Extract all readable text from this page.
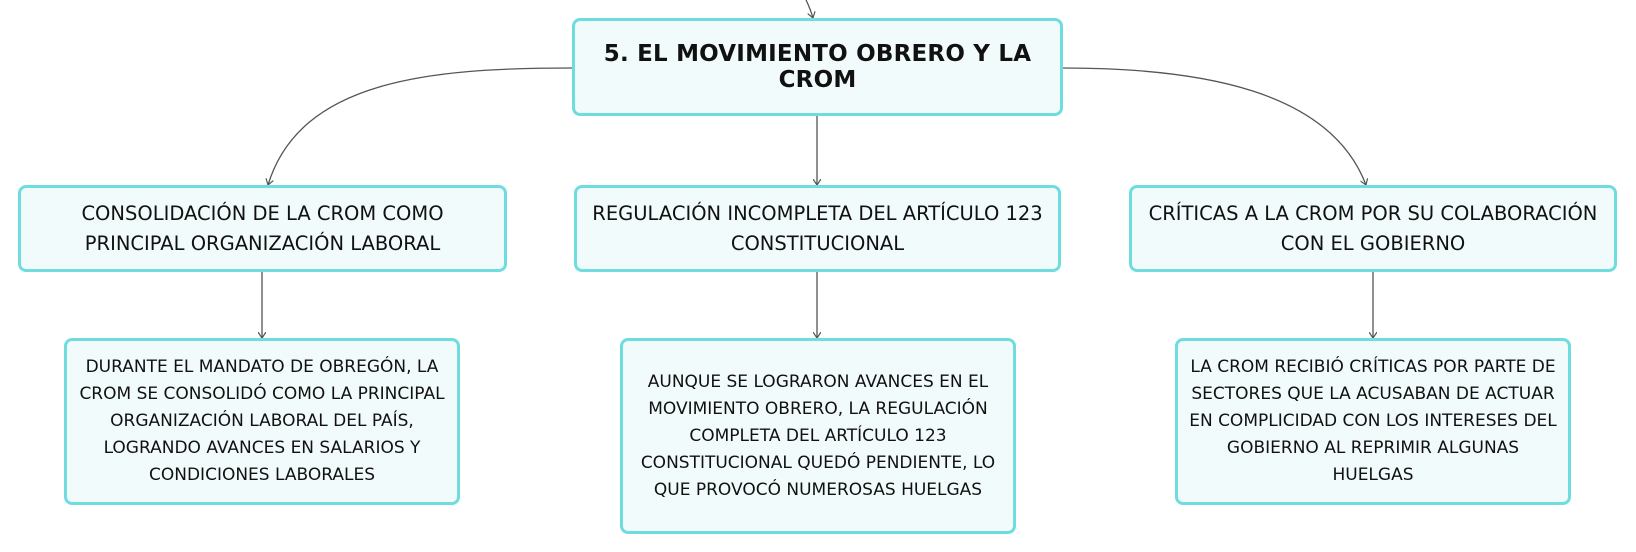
5. EL MOVIMIENTO OBRERO Y LA CROM
CONSOLIDACIÓN DE LA CROM COMO PRINCIPAL ORGANIZACIÓN LABORAL
REGULACIÓN INCOMPLETA DEL ARTÍCULO 123 CONSTITUCIONAL
CRÍTICAS A LA CROM POR SU COLABORACIÓN CON EL GOBIERNO
DURANTE EL MANDATO DE OBREGÓN, LA CROM SE CONSOLIDÓ COMO LA PRINCIPAL ORGANIZACIÓN LABORAL DEL PAÍS, LOGRANDO AVANCES EN SALARIOS Y CONDICIONES LABORALES
AUNQUE SE LOGRARON AVANCES EN EL MOVIMIENTO OBRERO, LA REGULACIÓN COMPLETA DEL ARTÍCULO 123 CONSTITUCIONAL QUEDÓ PENDIENTE, LO QUE PROVOCÓ NUMEROSAS HUELGAS
LA CROM RECIBIÓ CRÍTICAS POR PARTE DE SECTORES QUE LA ACUSABAN DE ACTUAR EN COMPLICIDAD CON LOS INTERESES DEL GOBIERNO AL REPRIMIR ALGUNAS HUELGAS
